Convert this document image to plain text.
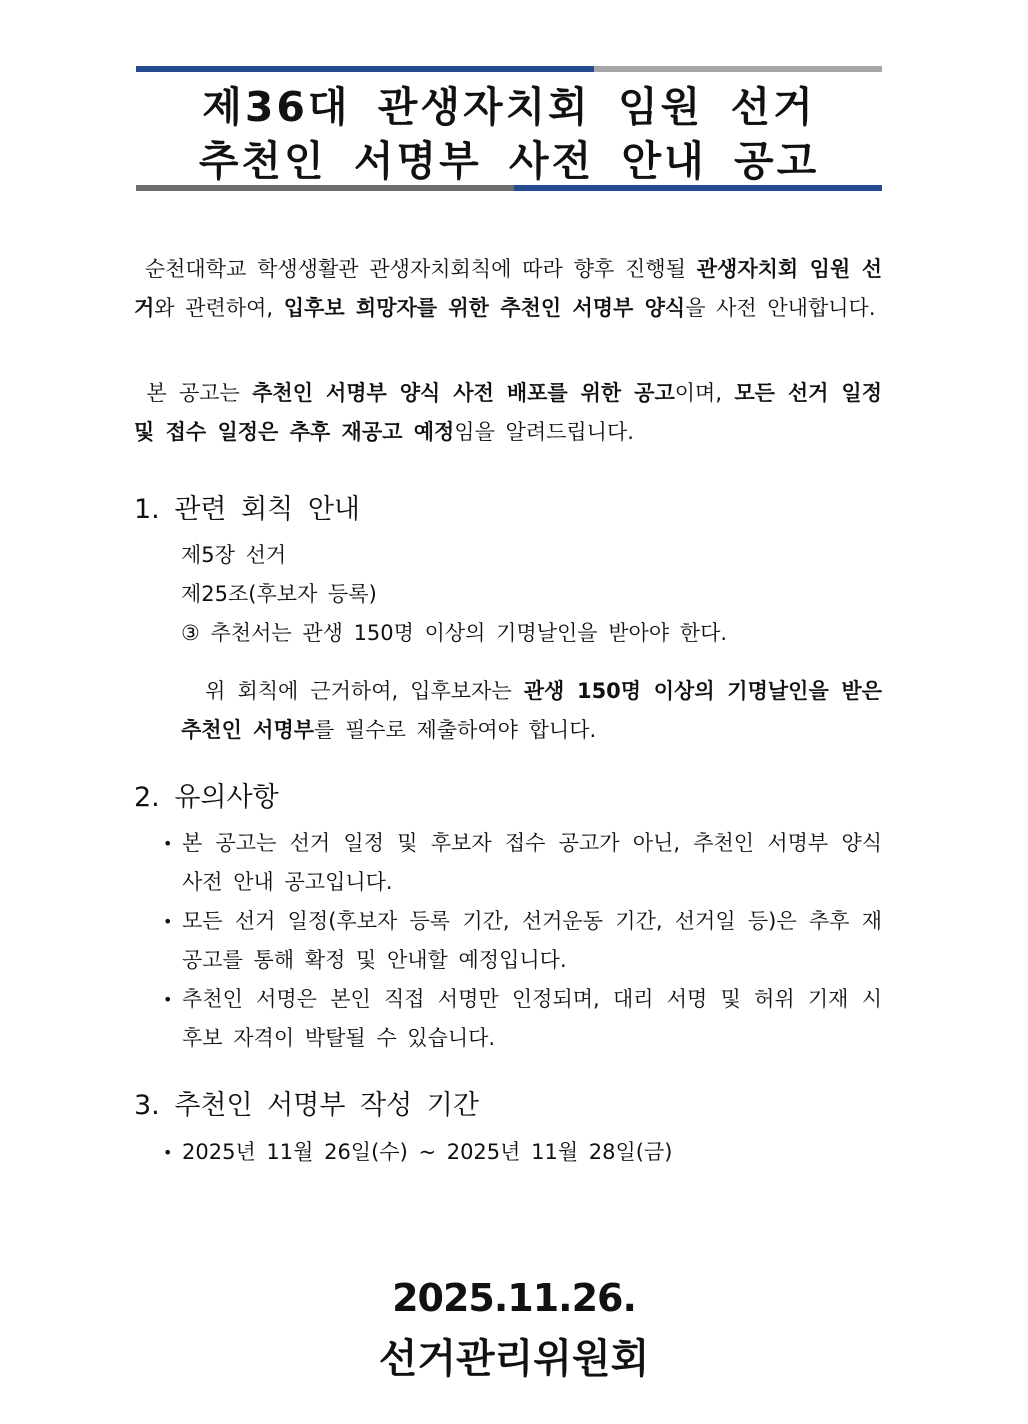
제36대 관생자치회 임원 선거
추천인 서명부 사전 안내 공고
순천대학교 학생생활관 관생자치회칙에 따라 향후 진행될 관생자치회 임원 선거와 관련하여, 입후보 희망자를 위한 추천인 서명부 양식을 사전 안내합니다.
본 공고는 추천인 서명부 양식 사전 배포를 위한 공고이며, 모든 선거 일정 및 접수 일정은 추후 재공고 예정임을 알려드립니다.
1. 관련 회칙 안내
제5장 선거
제25조(후보자 등록)
③ 추천서는 관생 150명 이상의 기명날인을 받아야 한다.
위 회칙에 근거하여, 입후보자는 관생 150명 이상의 기명날인을 받은 추천인 서명부를 필수로 제출하여야 합니다.
2. 유의사항
• 본 공고는 선거 일정 및 후보자 접수 공고가 아닌, 추천인 서명부 양식 사전 안내 공고입니다.
• 모든 선거 일정(후보자 등록 기간, 선거운동 기간, 선거일 등)은 추후 재공고를 통해 확정 및 안내할 예정입니다.
• 추천인 서명은 본인 직접 서명만 인정되며, 대리 서명 및 허위 기재 시 후보 자격이 박탈될 수 있습니다.
3. 추천인 서명부 작성 기간
• 2025년 11월 26일(수) ~ 2025년 11월 28일(금)
2025.11.26.
선거관리위원회
